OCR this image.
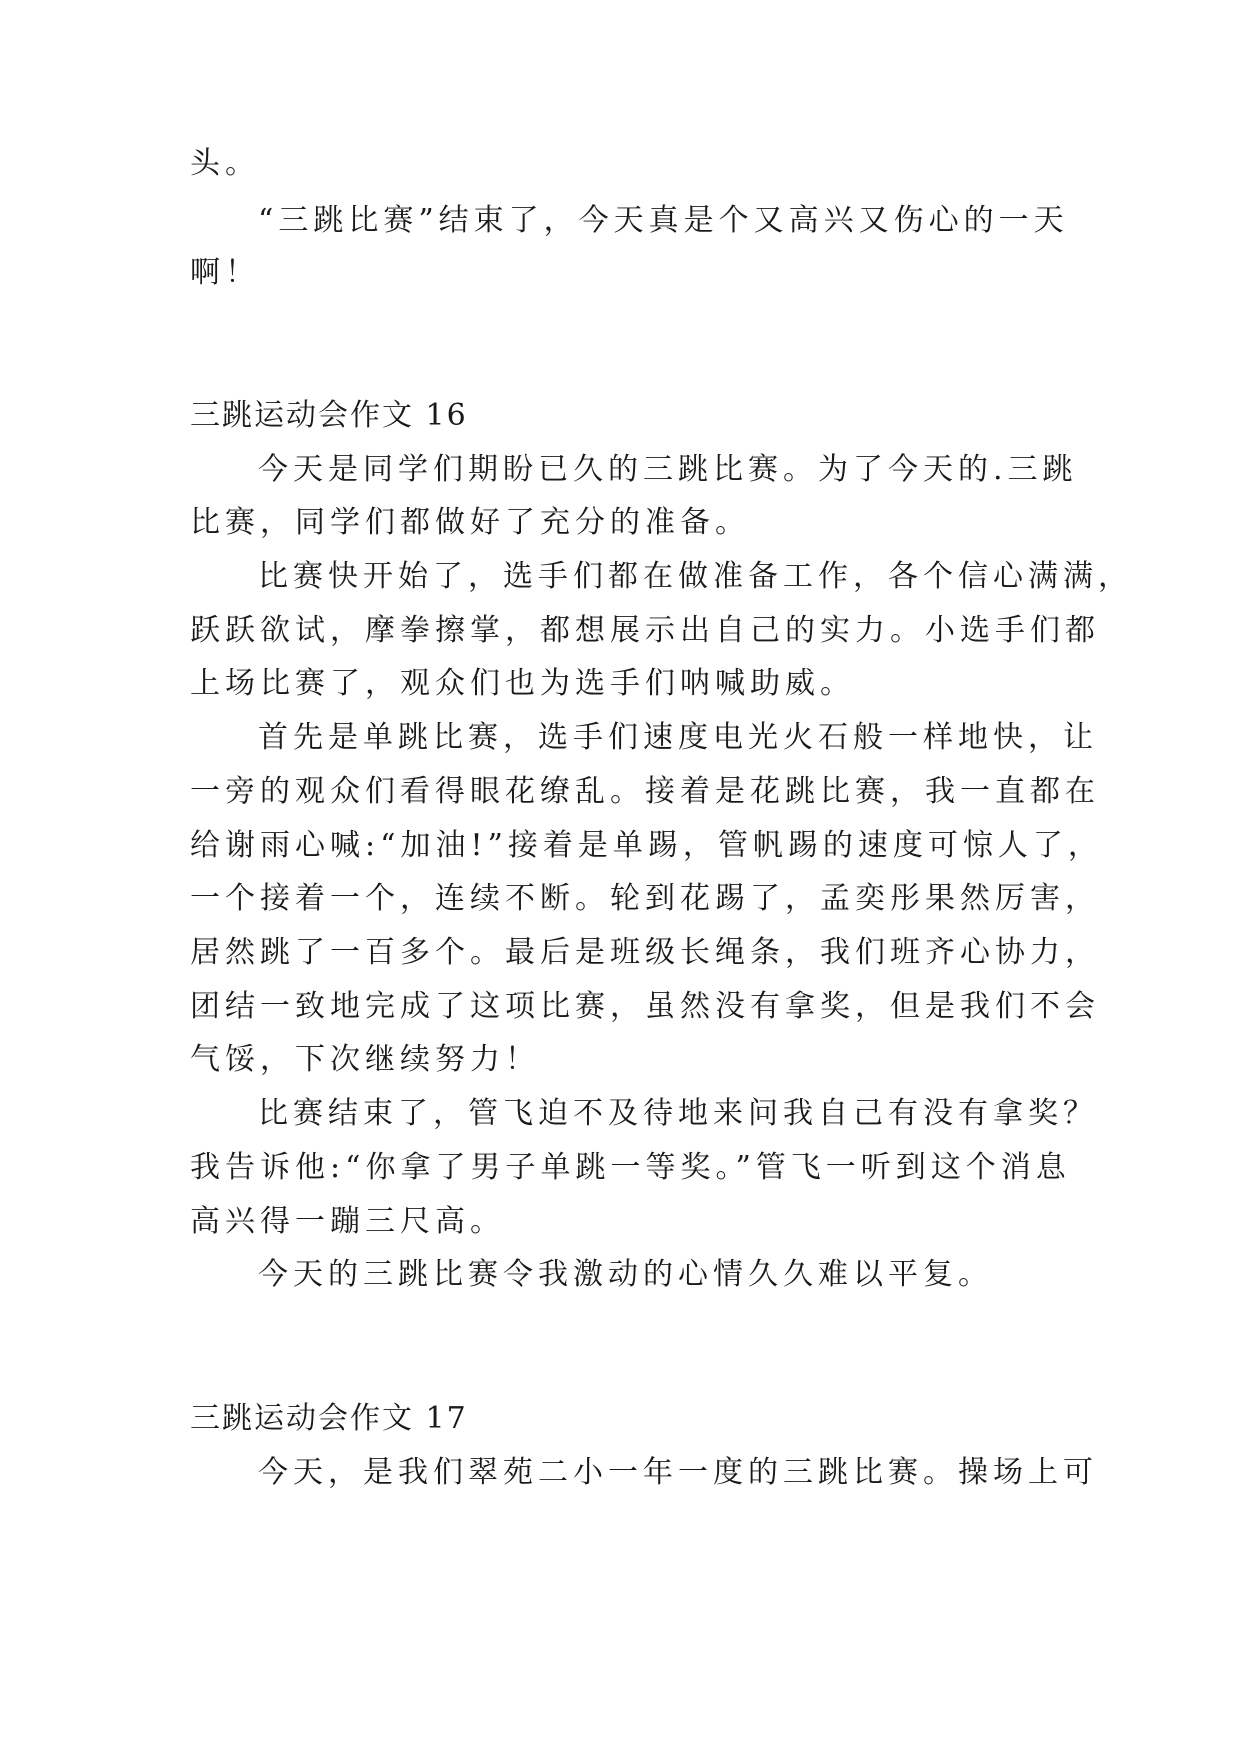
头。
“三跳比赛”结束了，今天真是个又高兴又伤心的一天
啊！
三跳运动会作文 16
今天是同学们期盼已久的三跳比赛。为了今天的.三跳
比赛，同学们都做好了充分的准备。
比赛快开始了，选手们都在做准备工作，各个信心满满，
跃跃欲试，摩拳擦掌，都想展示出自己的实力。小选手们都
上场比赛了，观众们也为选手们呐喊助威。
首先是单跳比赛，选手们速度电光火石般一样地快，让
一旁的观众们看得眼花缭乱。接着是花跳比赛，我一直都在
给谢雨心喊:“加油!”接着是单踢，管帆踢的速度可惊人了，
一个接着一个，连续不断。轮到花踢了，孟奕彤果然厉害，
居然跳了一百多个。最后是班级长绳条，我们班齐心协力，
团结一致地完成了这项比赛，虽然没有拿奖，但是我们不会
气馁，下次继续努力！
比赛结束了，管飞迫不及待地来问我自己有没有拿奖？
我告诉他:“你拿了男子单跳一等奖。”管飞一听到这个消息
高兴得一蹦三尺高。
今天的三跳比赛令我激动的心情久久难以平复。
三跳运动会作文 17
今天，是我们翠苑二小一年一度的三跳比赛。操场上可
